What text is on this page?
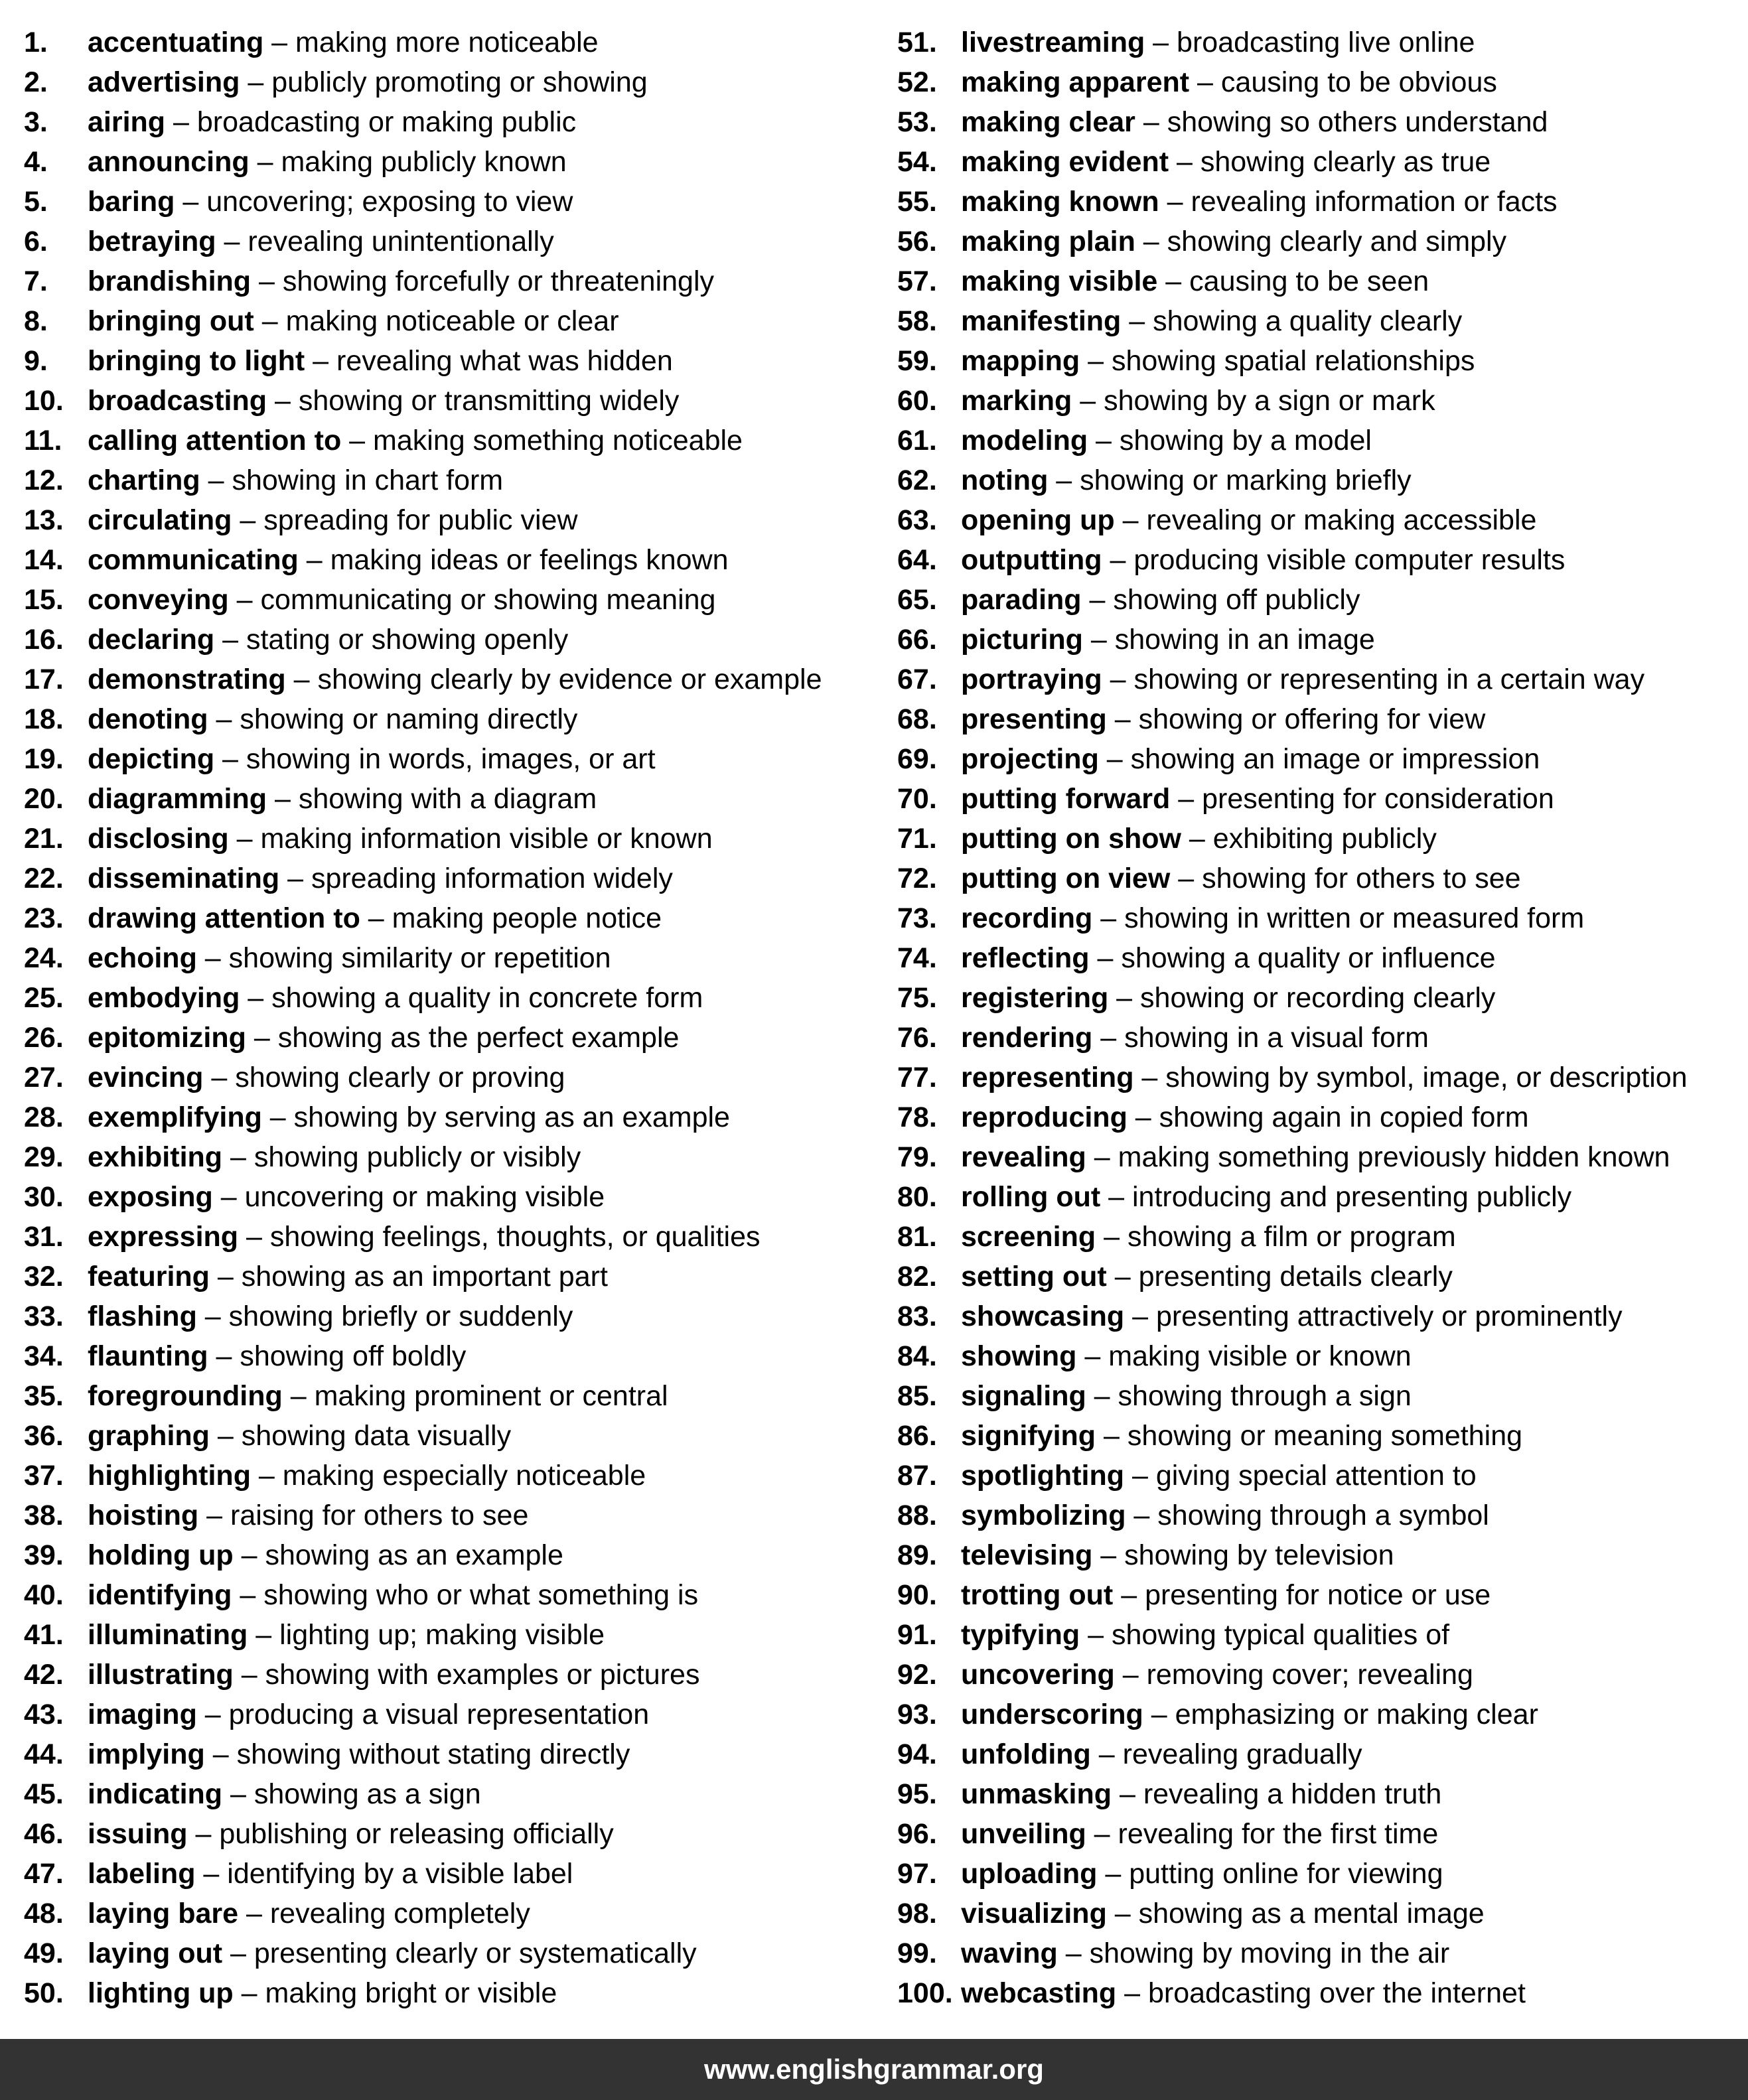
1. accentuating – making more noticeable
2. advertising – publicly promoting or showing
3. airing – broadcasting or making public
4. announcing – making publicly known
5. baring – uncovering; exposing to view
6. betraying – revealing unintentionally
7. brandishing – showing forcefully or threateningly
8. bringing out – making noticeable or clear
9. bringing to light – revealing what was hidden
10. broadcasting – showing or transmitting widely
11. calling attention to – making something noticeable
12. charting – showing in chart form
13. circulating – spreading for public view
14. communicating – making ideas or feelings known
15. conveying – communicating or showing meaning
16. declaring – stating or showing openly
17. demonstrating – showing clearly by evidence or example
18. denoting – showing or naming directly
19. depicting – showing in words, images, or art
20. diagramming – showing with a diagram
21. disclosing – making information visible or known
22. disseminating – spreading information widely
23. drawing attention to – making people notice
24. echoing – showing similarity or repetition
25. embodying – showing a quality in concrete form
26. epitomizing – showing as the perfect example
27. evincing – showing clearly or proving
28. exemplifying – showing by serving as an example
29. exhibiting – showing publicly or visibly
30. exposing – uncovering or making visible
31. expressing – showing feelings, thoughts, or qualities
32. featuring – showing as an important part
33. flashing – showing briefly or suddenly
34. flaunting – showing off boldly
35. foregrounding – making prominent or central
36. graphing – showing data visually
37. highlighting – making especially noticeable
38. hoisting – raising for others to see
39. holding up – showing as an example
40. identifying – showing who or what something is
41. illuminating – lighting up; making visible
42. illustrating – showing with examples or pictures
43. imaging – producing a visual representation
44. implying – showing without stating directly
45. indicating – showing as a sign
46. issuing – publishing or releasing officially
47. labeling – identifying by a visible label
48. laying bare – revealing completely
49. laying out – presenting clearly or systematically
50. lighting up – making bright or visible
51. livestreaming – broadcasting live online
52. making apparent – causing to be obvious
53. making clear – showing so others understand
54. making evident – showing clearly as true
55. making known – revealing information or facts
56. making plain – showing clearly and simply
57. making visible – causing to be seen
58. manifesting – showing a quality clearly
59. mapping – showing spatial relationships
60. marking – showing by a sign or mark
61. modeling – showing by a model
62. noting – showing or marking briefly
63. opening up – revealing or making accessible
64. outputting – producing visible computer results
65. parading – showing off publicly
66. picturing – showing in an image
67. portraying – showing or representing in a certain way
68. presenting – showing or offering for view
69. projecting – showing an image or impression
70. putting forward – presenting for consideration
71. putting on show – exhibiting publicly
72. putting on view – showing for others to see
73. recording – showing in written or measured form
74. reflecting – showing a quality or influence
75. registering – showing or recording clearly
76. rendering – showing in a visual form
77. representing – showing by symbol, image, or description
78. reproducing – showing again in copied form
79. revealing – making something previously hidden known
80. rolling out – introducing and presenting publicly
81. screening – showing a film or program
82. setting out – presenting details clearly
83. showcasing – presenting attractively or prominently
84. showing – making visible or known
85. signaling – showing through a sign
86. signifying – showing or meaning something
87. spotlighting – giving special attention to
88. symbolizing – showing through a symbol
89. televising – showing by television
90. trotting out – presenting for notice or use
91. typifying – showing typical qualities of
92. uncovering – removing cover; revealing
93. underscoring – emphasizing or making clear
94. unfolding – revealing gradually
95. unmasking – revealing a hidden truth
96. unveiling – revealing for the first time
97. uploading – putting online for viewing
98. visualizing – showing as a mental image
99. waving – showing by moving in the air
100. webcasting – broadcasting over the internet
www.englishgrammar.org
